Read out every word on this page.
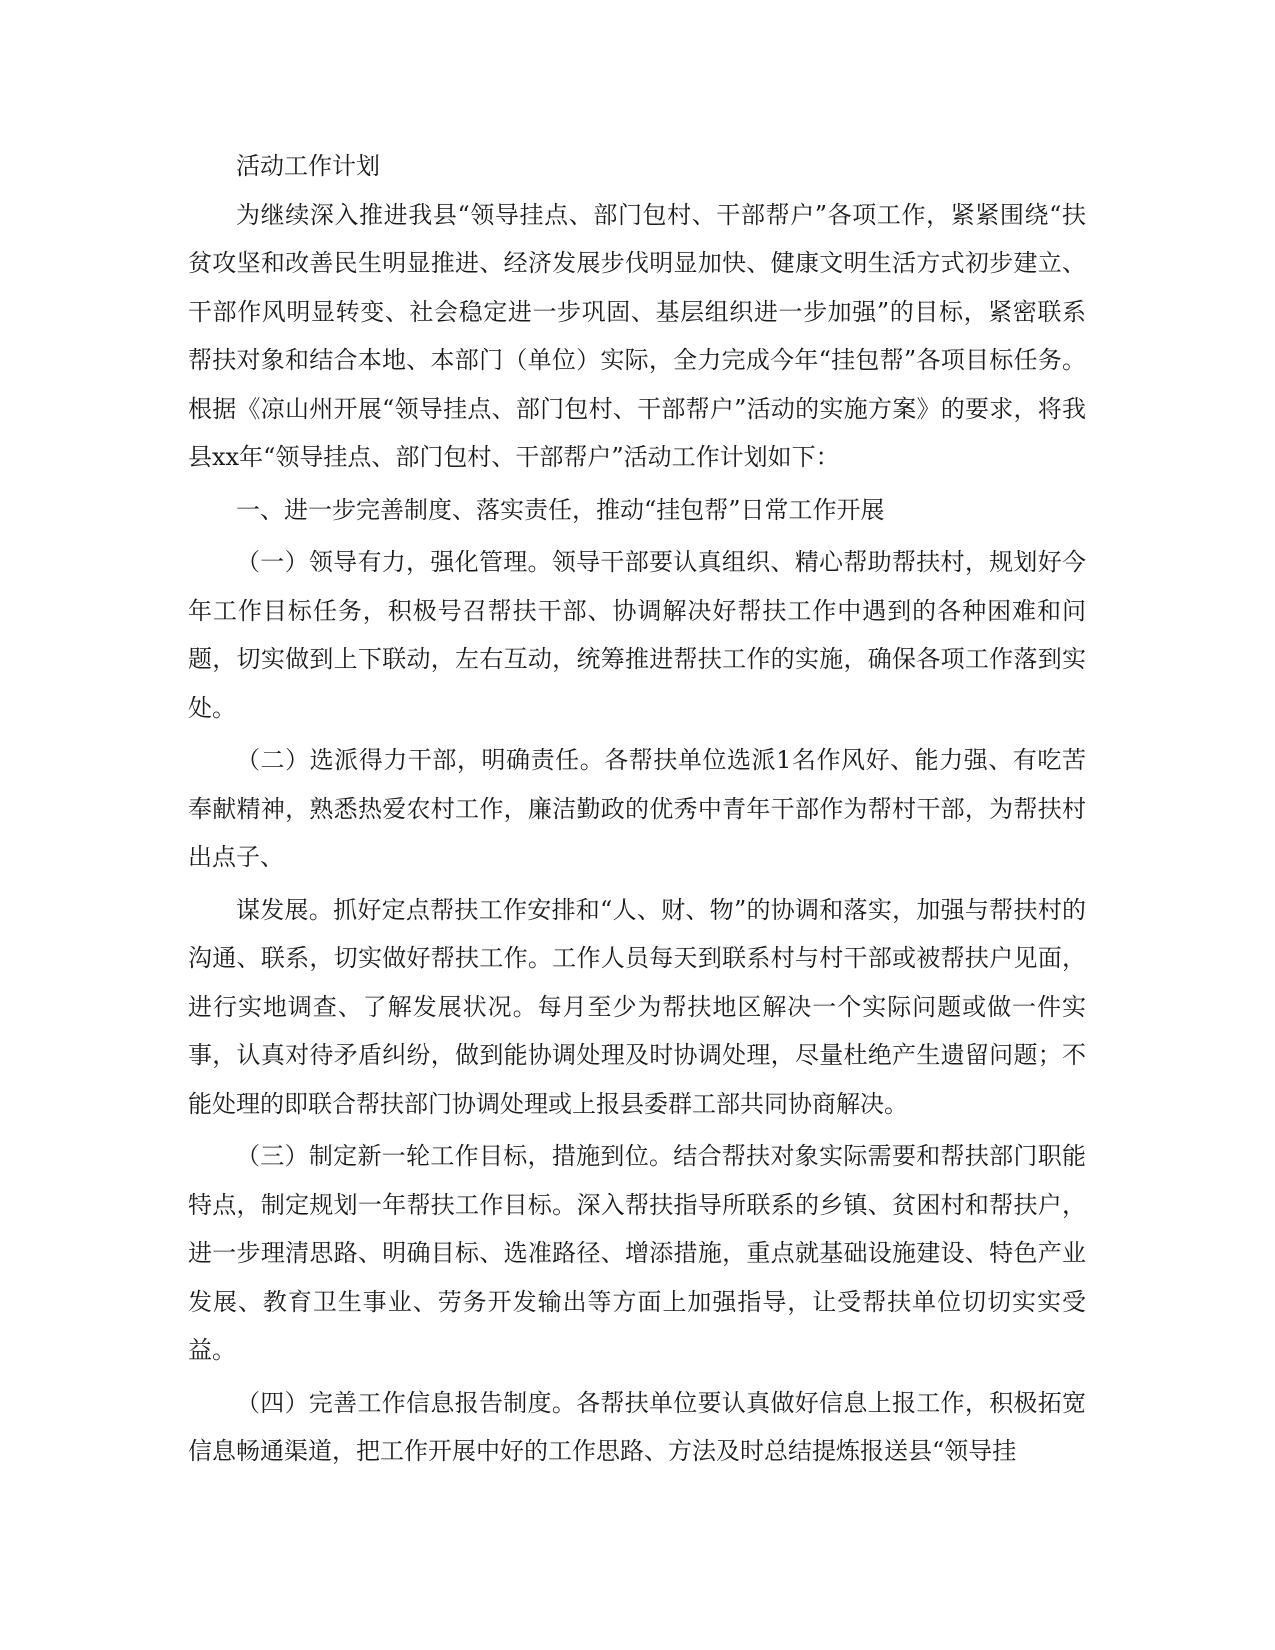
活动工作计划

为继续深入推进我县“领导挂点、部门包村、干部帮户”各项工作，紧紧围绕“扶贫攻坚和改善民生明显推进、经济发展步伐明显加快、健康文明生活方式初步建立、干部作风明显转变、社会稳定进一步巩固、基层组织进一步加强”的目标，紧密联系帮扶对象和结合本地、本部门（单位）实际，全力完成今年“挂包帮”各项目标任务。根据《凉山州开展“领导挂点、部门包村、干部帮户”活动的实施方案》的要求，将我县xx年“领导挂点、部门包村、干部帮户”活动工作计划如下：

一、进一步完善制度、落实责任，推动“挂包帮”日常工作开展

（一）领导有力，强化管理。领导干部要认真组织、精心帮助帮扶村，规划好今年工作目标任务，积极号召帮扶干部、协调解决好帮扶工作中遇到的各种困难和问题，切实做到上下联动，左右互动，统筹推进帮扶工作的实施，确保各项工作落到实处。

（二）选派得力干部，明确责任。各帮扶单位选派1名作风好、能力强、有吃苦奉献精神，熟悉热爱农村工作，廉洁勤政的优秀中青年干部作为帮村干部，为帮扶村出点子、

谋发展。抓好定点帮扶工作安排和“人、财、物”的协调和落实，加强与帮扶村的沟通、联系，切实做好帮扶工作。工作人员每天到联系村与村干部或被帮扶户见面，进行实地调查、了解发展状况。每月至少为帮扶地区解决一个实际问题或做一件实事，认真对待矛盾纠纷，做到能协调处理及时协调处理，尽量杜绝产生遗留问题；不能处理的即联合帮扶部门协调处理或上报县委群工部共同协商解决。

（三）制定新一轮工作目标，措施到位。结合帮扶对象实际需要和帮扶部门职能特点，制定规划一年帮扶工作目标。深入帮扶指导所联系的乡镇、贫困村和帮扶户，进一步理清思路、明确目标、选准路径、增添措施，重点就基础设施建设、特色产业发展、教育卫生事业、劳务开发输出等方面上加强指导，让受帮扶单位切切实实受益。

（四）完善工作信息报告制度。各帮扶单位要认真做好信息上报工作，积极拓宽信息畅通渠道，把工作开展中好的工作思路、方法及时总结提炼报送县“领导挂
